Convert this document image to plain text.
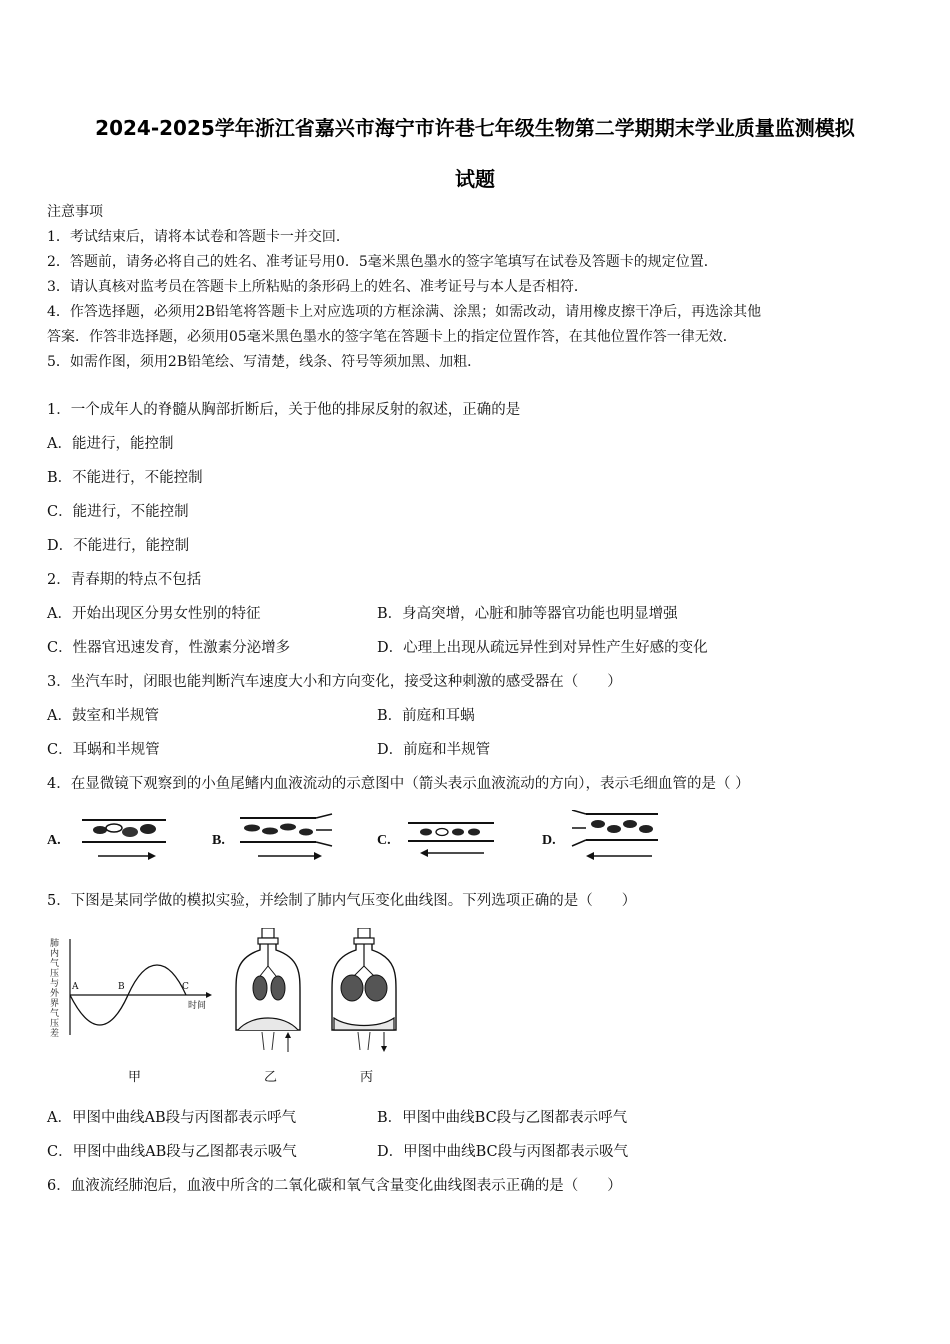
2024-2025学年浙江省嘉兴市海宁市许巷七年级生物第二学期期末学业质量监测模拟
试题
注意事项
1．考试结束后，请将本试卷和答题卡一并交回．
2．答题前，请务必将自己的姓名、准考证号用0．5毫米黑色墨水的签字笔填写在试卷及答题卡的规定位置．
3．请认真核对监考员在答题卡上所粘贴的条形码上的姓名、准考证号与本人是否相符．
4．作答选择题，必须用2B铅笔将答题卡上对应选项的方框涂满、涂黑；如需改动，请用橡皮擦干净后，再选涂其他
答案．作答非选择题，必须用05毫米黑色墨水的签字笔在答题卡上的指定位置作答，在其他位置作答一律无效．
5．如需作图，须用2B铅笔绘、写清楚，线条、符号等须加黑、加粗．
1．一个成年人的脊髓从胸部折断后，关于他的排尿反射的叙述，正确的是
A．能进行，能控制
B．不能进行，不能控制
C．能进行，不能控制
D．不能进行，能控制
2．青春期的特点不包括
A．开始出现区分男女性别的特征	B．身高突增，心脏和肺等器官功能也明显增强
C．性器官迅速发育，性激素分泌增多	D．心理上出现从疏远异性到对异性产生好感的变化
3．坐汽车时，闭眼也能判断汽车速度大小和方向变化，接受这种刺激的感受器在（　　）
A．鼓室和半规管	B．前庭和耳蜗
C．耳蜗和半规管	D．前庭和半规管
4．在显微镜下观察到的小鱼尾鳍内血液流动的示意图中（箭头表示血液流动的方向），表示毛细血管的是（ ）
A.	B.	C.	D.
5．下图是某同学做的模拟实验，并绘制了肺内气压变化曲线图。下列选项正确的是（　　）
肺内气压与外界气压差
A	B	C
时间
甲	乙	丙
A．甲图中曲线AB段与丙图都表示呼气	B．甲图中曲线BC段与乙图都表示呼气
C．甲图中曲线AB段与乙图都表示吸气	D．甲图中曲线BC段与丙图都表示吸气
6．血液流经肺泡后，血液中所含的二氧化碳和氧气含量变化曲线图表示正确的是（　　）
